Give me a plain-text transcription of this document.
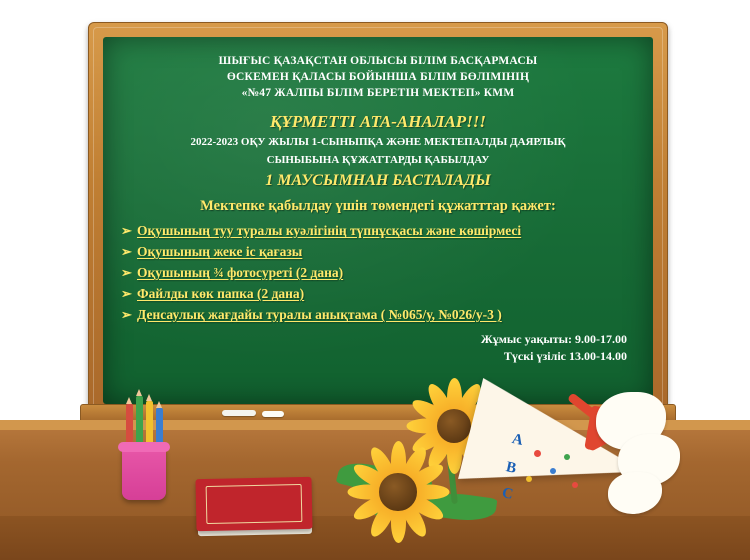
ШЫҒЫС ҚАЗАҚСТАН ОБЛЫСЫ БІЛІМ БАСҚАРМАСЫ
ӨСКЕМЕН ҚАЛАСЫ БОЙЫНША БІЛІМ БӨЛІМІНІҢ
«№47 ЖАЛПЫ БІЛІМ БЕРЕТІН МЕКТЕП» КММ
ҚҰРМЕТТІ АТА-АНАЛАР!!!
2022-2023 ОҚУ ЖЫЛЫ 1-СЫНЫПҚА ЖӘНЕ МЕКТЕПАЛДЫ ДАЯРЛЫҚ
СЫНЫБЫНА ҚҰЖАТТАРДЫ ҚАБЫЛДАУ
1 МАУСЫМНАН БАСТАЛАДЫ
Мектепке қабылдау үшін төмендегі құжатттар қажет:
➢ Оқушының туу туралы куәлігінің түпнұсқасы және көшірмесі
➢ Оқушының жеке іс қағазы
➢ Оқушының ¾ фотосуреті (2 дана)
➢ Файлды көк папка (2 дана)
➢ Денсаулық жағдайы туралы анықтама ( №065/у, №026/у-3 )
Жұмыс уақыты: 9.00-17.00
Түскі үзіліс 13.00-14.00
A
B
C
